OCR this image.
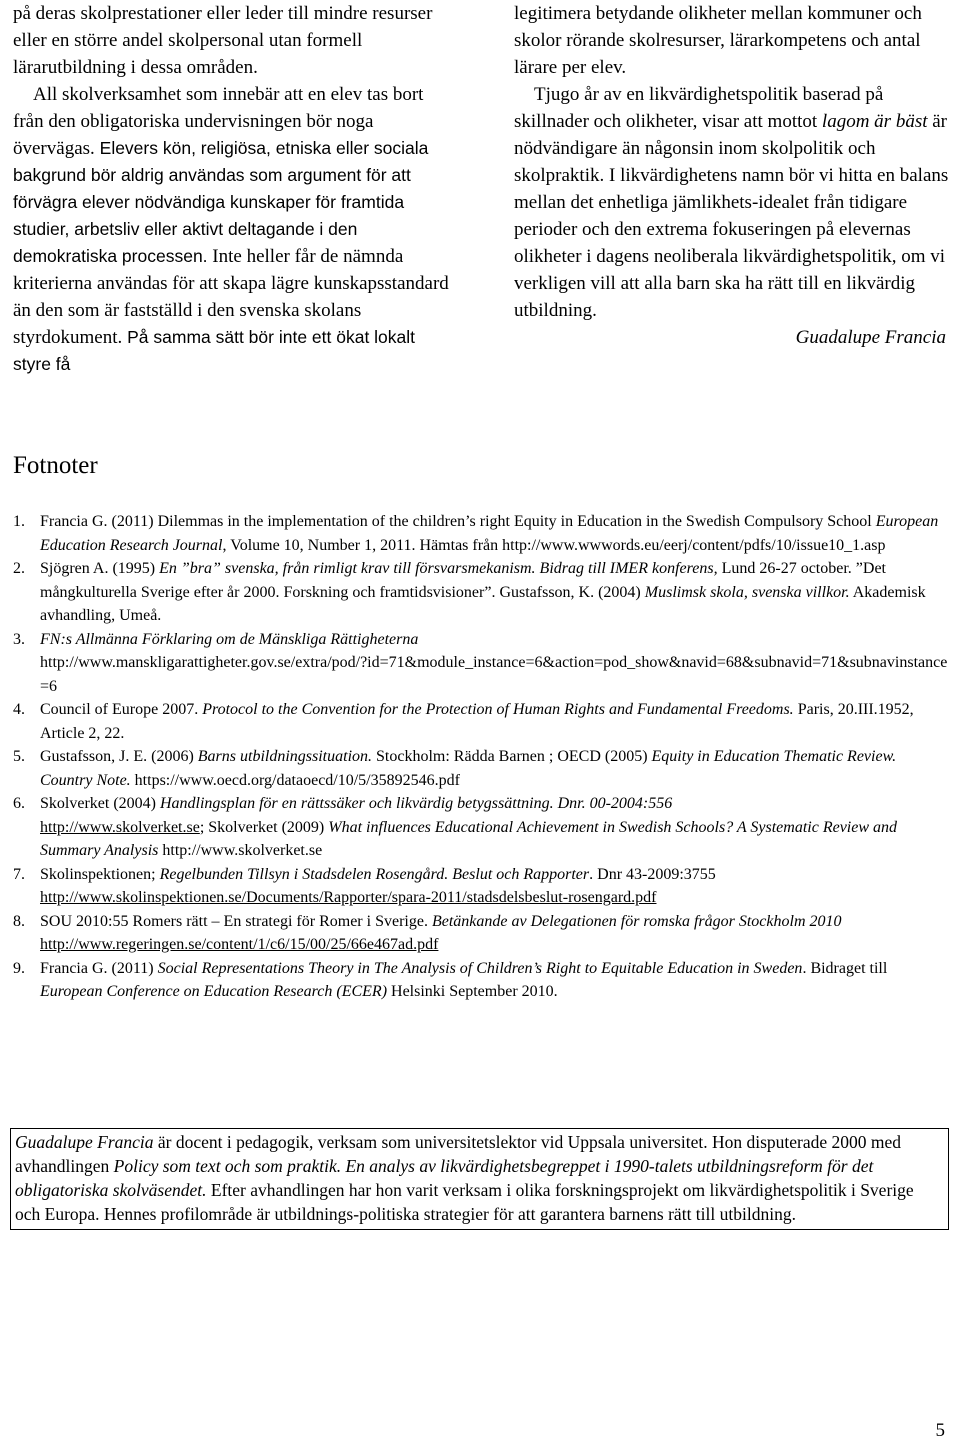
på deras skolprestationer eller leder till mindre resurser eller en större andel skolpersonal utan formell lärarutbildning i dessa områden.

All skolverksamhet som innebär att en elev tas bort från den obligatoriska undervisningen bör noga övervägas. Elevers kön, religiösa, etniska eller sociala bakgrund bör aldrig användas som argument för att förvägra elever nödvändiga kunskaper för framtida studier, arbetsliv eller aktivt deltagande i den demokratiska processen. Inte heller får de nämnda kriterierna användas för att skapa lägre kunskapsstandard än den som är fastställd i den svenska skolans styrdokument. På samma sätt bör inte ett ökat lokalt styre få

legitimera betydande olikheter mellan kommuner och skolor rörande skolresurser, lärarkompetens och antal lärare per elev.

Tjugo år av en likvärdighetspolitik baserad på skillnader och olikheter, visar att mottot lagom är bäst är nödvändigare än någonsin inom skolpolitik och skolpraktik. I likvärdighetens namn bör vi hitta en balans mellan det enhetliga jämlikhets-idealet från tidigare perioder och den extrema fokuseringen på elevernas olikheter i dagens neoliberala likvärdighetspolitik, om vi verkligen vill att alla barn ska ha rätt till en likvärdig utbildning.

Guadalupe Francia

Fotnoter
1. Francia G. (2011) Dilemmas in the implementation of the children’s right Equity in Education in the Swedish Compulsory School European Education Research Journal, Volume 10, Number 1, 2011. Hämtas från http://www.wwwords.eu/eerj/content/pdfs/10/issue10_1.asp
2. Sjögren A. (1995) En ”bra” svenska, från rimligt krav till försvarsmekanism. Bidrag till IMER konferens, Lund 26-27 october. ”Det mångkulturella Sverige efter år 2000. Forskning och framtidsvisioner”. Gustafsson, K. (2004) Muslimsk skola, svenska villkor. Akademisk avhandling, Umeå.
3. FN:s Allmänna Förklaring om de Mänskliga Rättigheterna
http://www.manskligarattigheter.gov.se/extra/pod/?id=71&module_instance=6&action=pod_show&navid=68&subnavid=71&subnavinstance=6
4. Council of Europe 2007. Protocol to the Convention for the Protection of Human Rights and Fundamental Freedoms. Paris, 20.III.1952, Article 2, 22.
5. Gustafsson, J. E. (2006) Barns utbildningssituation. Stockholm: Rädda Barnen ; OECD (2005) Equity in Education Thematic Review. Country Note. https://www.oecd.org/dataoecd/10/5/35892546.pdf
6. Skolverket (2004) Handlingsplan för en rättssäker och likvärdig betygssättning. Dnr. 00-2004:556
http://www.skolverket.se; Skolverket (2009) What influences Educational Achievement in Swedish Schools? A Systematic Review and Summary Analysis http://www.skolverket.se
7. Skolinspektionen; Regelbunden Tillsyn i Stadsdelen Rosengård. Beslut och Rapporter. Dnr 43-2009:3755
http://www.skolinspektionen.se/Documents/Rapporter/spara-2011/stadsdelsbeslut-rosengard.pdf
8. SOU 2010:55 Romers rätt – En strategi för Romer i Sverige. Betänkande av Delegationen för romska frågor Stockholm 2010 http://www.regeringen.se/content/1/c6/15/00/25/66e467ad.pdf
9. Francia G. (2011) Social Representations Theory in The Analysis of Children’s Right to Equitable Education in Sweden. Bidraget till European Conference on Education Research (ECER) Helsinki September 2010.

Guadalupe Francia är docent i pedagogik, verksam som universitetslektor vid Uppsala universitet. Hon disputerade 2000 med avhandlingen Policy som text och som praktik. En analys av likvärdighetsbegreppet i 1990-talets utbildningsreform för det obligatoriska skolväsendet. Efter avhandlingen har hon varit verksam i olika forskningsprojekt om likvärdighetspolitik i Sverige och Europa. Hennes profilområde är utbildnings-politiska strategier för att garantera barnens rätt till utbildning.

5
